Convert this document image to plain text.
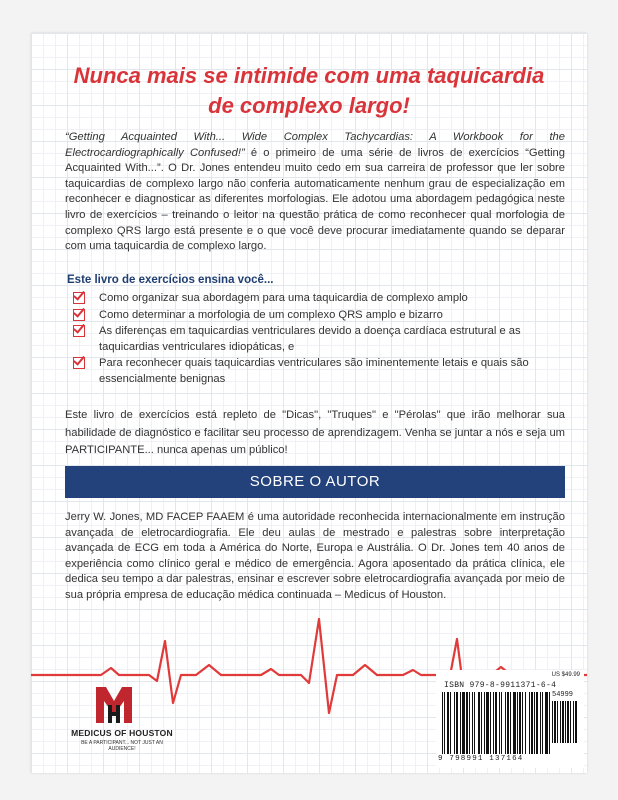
Nunca mais se intimide com uma taquicardia
de complexo largo!

“Getting Acquainted With... Wide Complex Tachycardias: A Workbook for the Electrocardiographically Confused!” é o primeiro de uma série de livros de exercícios “Getting Acquainted With...”. O Dr. Jones entendeu muito cedo em sua carreira de professor que ler sobre taquicardias de complexo largo não conferia automaticamente nenhum grau de especialização em reconhecer e diagnosticar as diferentes morfologias. Ele adotou uma abordagem pedagógica neste livro de exercícios – treinando o leitor na questão prática de como reconhecer qual morfologia de complexo QRS largo está presente e o que você deve procurar imediatamente quando se deparar com uma taquicardia de complexo largo.

Este livro de exercícios ensina você...

Como organizar sua abordagem para uma taquicardia de complexo amplo
Como determinar a morfologia de um complexo QRS amplo e bizarro
As diferenças em taquicardias ventriculares devido a doença cardíaca estrutural e as taquicardias ventriculares idiopáticas, e
Para reconhecer quais taquicardias ventriculares são iminentemente letais e quais são essencialmente benignas

Este livro de exercícios está repleto de "Dicas", "Truques" e "Pérolas" que irão melhorar sua habilidade de diagnóstico e facilitar seu processo de aprendizagem. Venha se juntar a nós e seja um PARTICIPANTE... nunca apenas um público!

SOBRE O AUTOR

Jerry W. Jones, MD FACEP FAAEM é uma autoridade reconhecida internacionalmente em instrução avançada de eletrocardiografia. Ele deu aulas de mestrado e palestras sobre interpretação avançada de ECG em toda a América do Norte, Europa e Austrália. O Dr. Jones tem 40 anos de experiência como clínico geral e médico de emergência. Agora aposentado da prática clínica, ele dedica seu tempo a dar palestras, ensinar e escrever sobre eletrocardiografia avançada por meio de sua própria empresa de educação médica continuada – Medicus of Houston.

MEDICUS OF HOUSTON
BE A PARTICIPANT... NOT JUST AN AUDIENCE!
US $49.99
ISBN 979-8-9911371-6-4
54999
9 798991 137164
